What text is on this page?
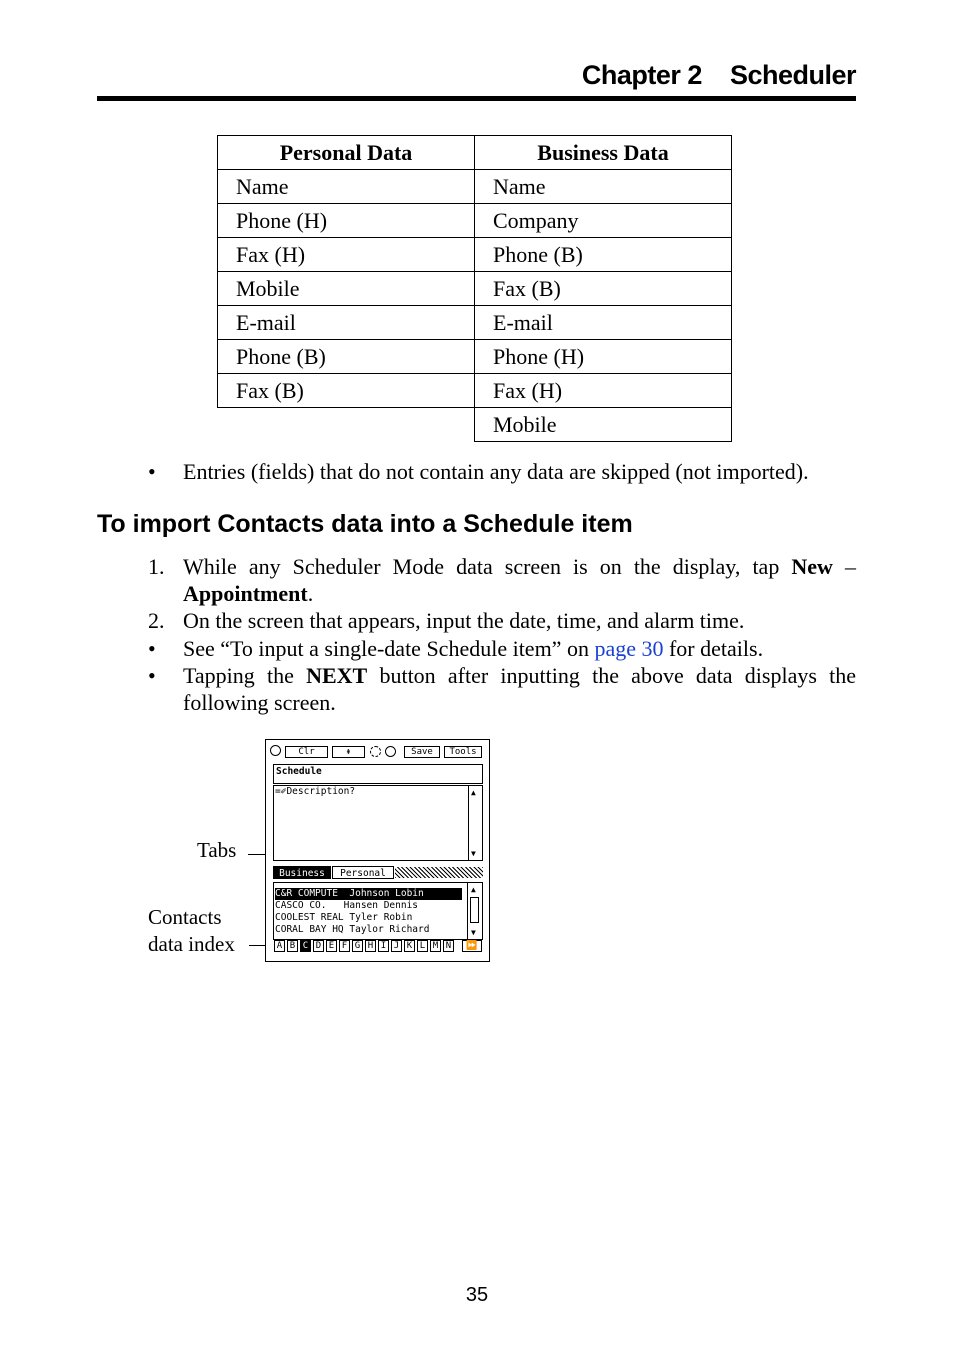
Chapter 2 Scheduler
Personal Data	Business Data
Name	Name
Phone (H)	Company
Fax (H)	Phone (B)
Mobile	Fax (B)
E-mail	E-mail
Phone (B)	Phone (H)
Fax (B)	Fax (H)
	Mobile
• Entries (fields) that do not contain any data are skipped (not imported).
To import Contacts data into a Schedule item
1. While any Scheduler Mode data screen is on the display, tap New – Appointment.
2. On the screen that appears, input the date, time, and alarm time.
• See “To input a single-date Schedule item” on page 30 for details.
• Tapping the NEXT button after inputting the above data displays the following screen.
Tabs
Contacts
data index
Clr	⇞	Save	Tools
Schedule
=✐Description?	▲
▼
Business	Personal
C&R COMPUTE Johnson Lobin
CASCO CO. Hansen Dennis
COOLEST REAL Tyler Robin
CORAL BAY HQ Taylor Richard
▲
▼
A B C D E F G H I J K L M N	⏩
35
